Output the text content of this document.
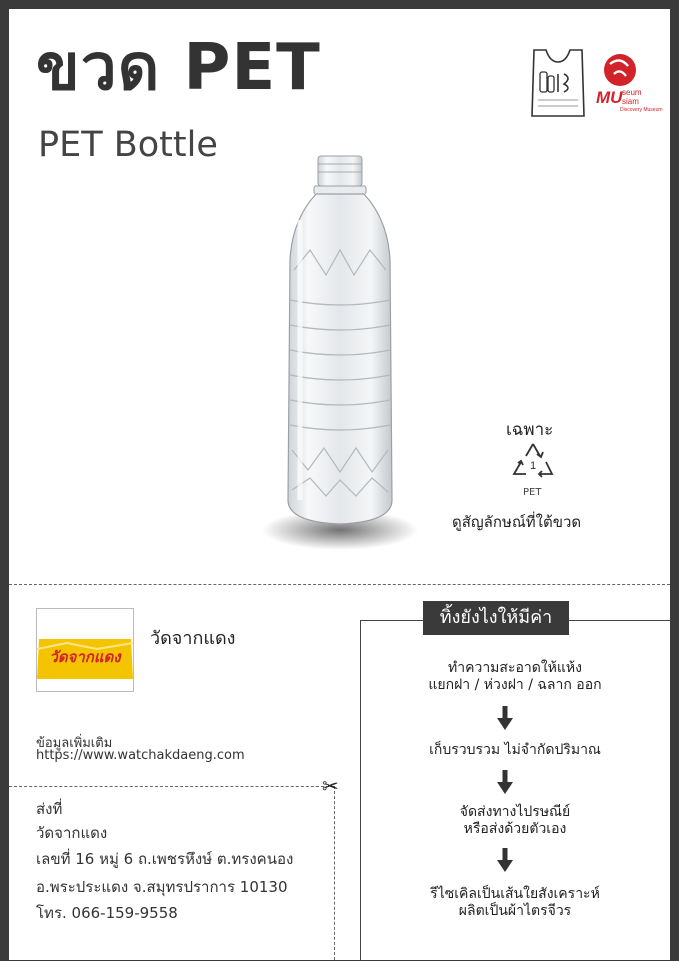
ขวด PET
PET Bottle
MU seum
siam
Discovery Museum
เฉพาะ
1
PET
ดูสัญลักษณ์ที่ใต้ขวด
วัดจากแดง
วัดจากแดง
ข้อมูลเพิ่มเติม
https://www.watchakdaeng.com
✂
ส่งที่
วัดจากแดง
เลขที่ 16 หมู่ 6 ถ.เพชรหึงษ์ ต.ทรงคนอง
อ.พระประแดง จ.สมุทรปราการ 10130
โทร. 066-159-9558
ทิ้งยังไงให้มีค่า
ทำความสะอาดให้แห้ง
แยกฝา / ห่วงฝา / ฉลาก ออก
เก็บรวบรวม ไม่จำกัดปริมาณ
จัดส่งทางไปรษณีย์
หรือส่งด้วยตัวเอง
รีไซเคิลเป็นเส้นใยสังเคราะห์
ผลิตเป็นผ้าไตรจีวร
